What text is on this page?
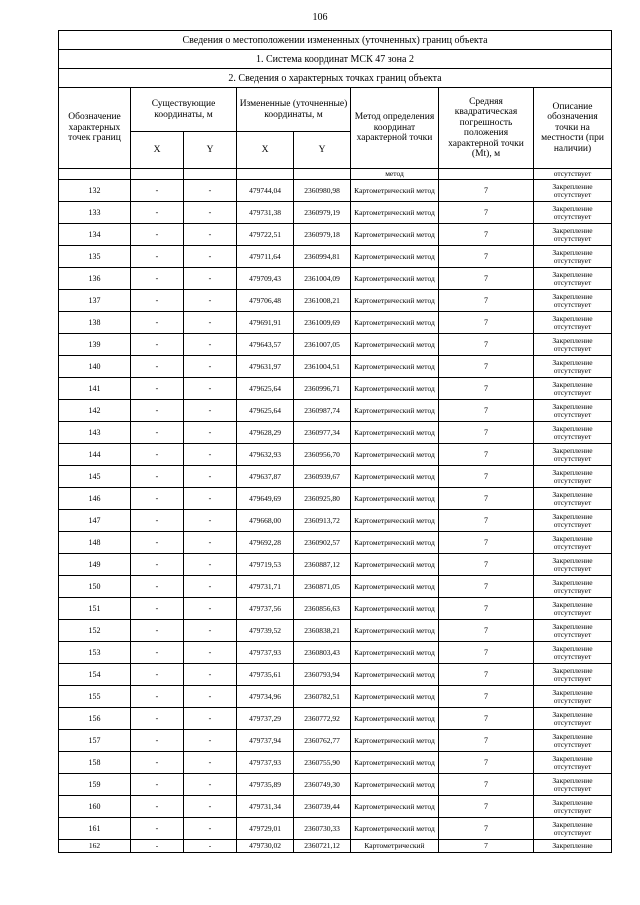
106
Сведения о местоположении измененных (уточненных) границ объекта							
1. Система координат МСК 47 зона 2							
2. Сведения о характерных точках границ объекта							
Обозначение характерных точек границ	Существующие координаты, м		Измененные (уточненные) координаты, м		Метод определения координат характерной точки	Средняя квадратическая погрешность положения характерной точки (Mt), м	Описание обозначения точки на местности (при наличии)
	X	Y	X	Y			
					метод		отсутствует
132	-	-	479744,04	2360980,98	Картометрический метод	7	Закрепление отсутствует
133	-	-	479731,38	2360979,19	Картометрический метод	7	Закрепление отсутствует
134	-	-	479722,51	2360979,18	Картометрический метод	7	Закрепление отсутствует
135	-	-	479711,64	2360994,81	Картометрический метод	7	Закрепление отсутствует
136	-	-	479709,43	2361004,09	Картометрический метод	7	Закрепление отсутствует
137	-	-	479706,48	2361008,21	Картометрический метод	7	Закрепление отсутствует
138	-	-	479691,91	2361009,69	Картометрический метод	7	Закрепление отсутствует
139	-	-	479643,57	2361007,05	Картометрический метод	7	Закрепление отсутствует
140	-	-	479631,97	2361004,51	Картометрический метод	7	Закрепление отсутствует
141	-	-	479625,64	2360996,71	Картометрический метод	7	Закрепление отсутствует
142	-	-	479625,64	2360987,74	Картометрический метод	7	Закрепление отсутствует
143	-	-	479628,29	2360977,34	Картометрический метод	7	Закрепление отсутствует
144	-	-	479632,93	2360956,70	Картометрический метод	7	Закрепление отсутствует
145	-	-	479637,87	2360939,67	Картометрический метод	7	Закрепление отсутствует
146	-	-	479649,69	2360925,80	Картометрический метод	7	Закрепление отсутствует
147	-	-	479668,00	2360913,72	Картометрический метод	7	Закрепление отсутствует
148	-	-	479692,28	2360902,57	Картометрический метод	7	Закрепление отсутствует
149	-	-	479719,53	2360887,12	Картометрический метод	7	Закрепление отсутствует
150	-	-	479731,71	2360871,05	Картометрический метод	7	Закрепление отсутствует
151	-	-	479737,56	2360856,63	Картометрический метод	7	Закрепление отсутствует
152	-	-	479739,52	2360838,21	Картометрический метод	7	Закрепление отсутствует
153	-	-	479737,93	2360803,43	Картометрический метод	7	Закрепление отсутствует
154	-	-	479735,61	2360793,94	Картометрический метод	7	Закрепление отсутствует
155	-	-	479734,96	2360782,51	Картометрический метод	7	Закрепление отсутствует
156	-	-	479737,29	2360772,92	Картометрический метод	7	Закрепление отсутствует
157	-	-	479737,94	2360762,77	Картометрический метод	7	Закрепление отсутствует
158	-	-	479737,93	2360755,90	Картометрический метод	7	Закрепление отсутствует
159	-	-	479735,89	2360749,30	Картометрический метод	7	Закрепление отсутствует
160	-	-	479731,34	2360739,44	Картометрический метод	7	Закрепление отсутствует
161	-	-	479729,01	2360730,33	Картометрический метод	7	Закрепление отсутствует
162	-	-	479730,02	2360721,12	Картометрический	7	Закрепление
